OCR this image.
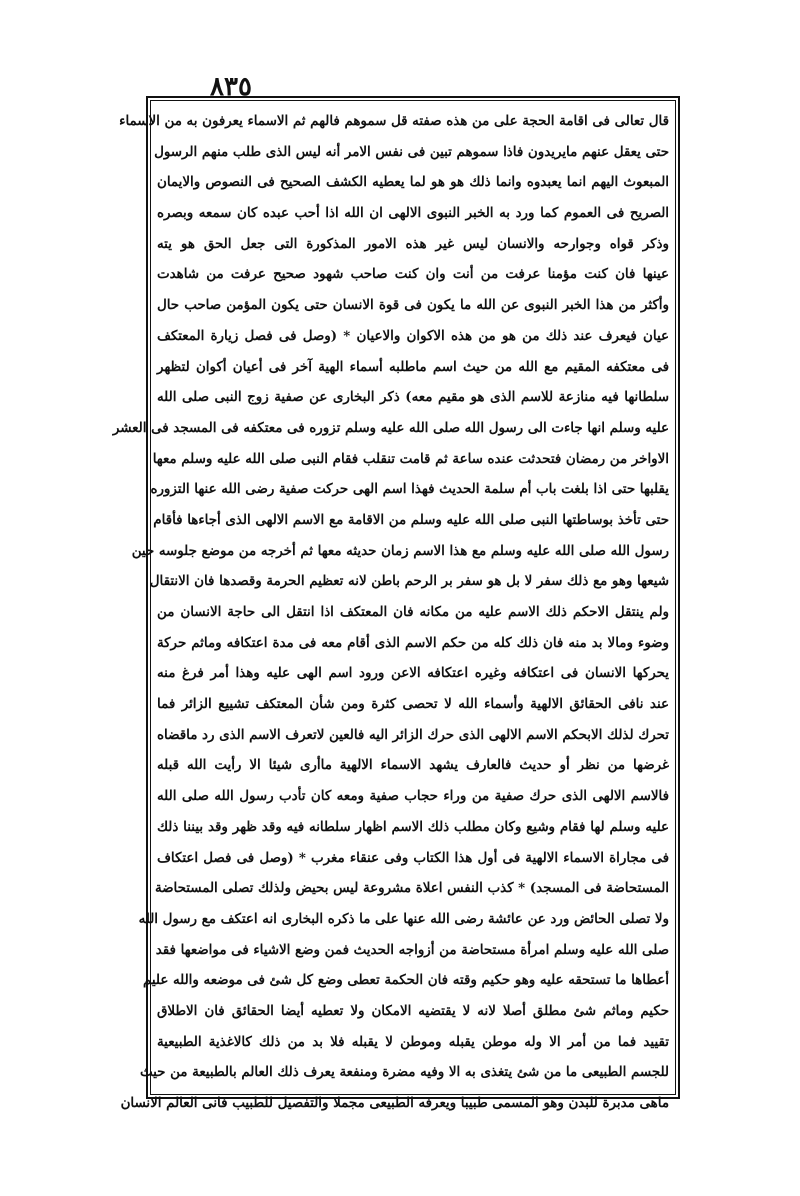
٨٣٥
قال تعالى فى اقامة الحجة على من هذه صفته قل سموهم فالهم ثم الاسماء يعرفون به من الاسماء
حتى يعقل عنهم مايريدون فاذا سموهم تبين فى نفس الامر أنه ليس الذى طلب منهم الرسول
المبعوث اليهم انما يعبدوه وانما ذلك هو هو لما يعطيه الكشف الصحيح فى النصوص والايمان
الصريح فى العموم كما ورد به الخبر النبوى الالهى ان الله اذا أحب عبده كان سمعه وبصره
وذكر قواه وجوارحه والانسان ليس غير هذه الامور المذكورة التى جعل الحق هو يته
عينها فان كنت مؤمنا عرفت من أنت وان كنت صاحب شهود صحيح عرفت من شاهدت
وأكثر من هذا الخبر النبوى عن الله ما يكون فى قوة الانسان حتى يكون المؤمن صاحب حال
عيان فيعرف عند ذلك من هو من هذه الاكوان والاعيان * (وصل فى فصل زيارة المعتكف
فى معتكفه المقيم مع الله من حيث اسم ماطلبه أسماء الهية آخر فى أعيان أكوان لتظهر
سلطانها فيه منازعة للاسم الذى هو مقيم معه) ذكر البخارى عن صفية زوج النبى صلى الله
عليه وسلم انها جاءت الى رسول الله صلى الله عليه وسلم تزوره فى معتكفه فى المسجد فى العشر
الاواخر من رمضان فتحدثت عنده ساعة ثم قامت تنقلب فقام النبى صلى الله عليه وسلم معها
يقلبها حتى اذا بلغت باب أم سلمة الحديث فهذا اسم الهى حركت صفية رضى الله عنها التزوره
حتى تأخذ بوساطتها النبى صلى الله عليه وسلم من الاقامة مع الاسم الالهى الذى أجاءها فأقام
رسول الله صلى الله عليه وسلم مع هذا الاسم زمان حديثه معها ثم أخرجه من موضع جلوسه حين
شيعها وهو مع ذلك سفر لا بل هو سفر بر الرحم باطن لانه تعظيم الحرمة وقصدها فان الانتقال
ولم ينتقل الاحكم ذلك الاسم عليه من مكانه فان المعتكف اذا انتقل الى حاجة الانسان من
وضوء ومالا بد منه فان ذلك كله من حكم الاسم الذى أقام معه فى مدة اعتكافه وماثم حركة
يحركها الانسان فى اعتكافه وغيره اعتكافه الاعن ورود اسم الهى عليه وهذا أمر فرغ منه
عند نافى الحقائق الالهية وأسماء الله لا تحصى كثرة ومن شأن المعتكف تشييع الزائر فما
تحرك لذلك الابحكم الاسم الالهى الذى حرك الزائر اليه فالعين لاتعرف الاسم الذى رد ماقضاه
غرضها من نظر أو حديث فالعارف يشهد الاسماء الالهية ماأرى شيئا الا رأيت الله قبله
فالاسم الالهى الذى حرك صفية من وراء حجاب صفية ومعه كان تأدب رسول الله صلى الله
عليه وسلم لها فقام وشيع وكان مطلب ذلك الاسم اظهار سلطانه فيه وقد ظهر وقد بيننا ذلك
فى مجاراة الاسماء الالهية فى أول هذا الكتاب وفى عنقاء مغرب * (وصل فى فصل اعتكاف
المستحاضة فى المسجد) * كذب النفس اعلاة مشروعة ليس بحيض ولذلك تصلى المستحاضة
ولا تصلى الحائض ورد عن عائشة رضى الله عنها على ما ذكره البخارى انه اعتكف مع رسول الله
صلى الله عليه وسلم امرأة مستحاضة من أزواجه الحديث فمن وضع الاشياء فى مواضعها فقد
أعطاها ما تستحقه عليه وهو حكيم وقته فان الحكمة تعطى وضع كل شئ فى موضعه والله عليم
حكيم وماثم شئ مطلق أصلا لانه لا يقتضيه الامكان ولا تعطيه أيضا الحقائق فان الاطلاق
تقييد فما من أمر الا وله موطن يقبله وموطن لا يقبله فلا بد من ذلك كالاغذية الطبيعية
للجسم الطبيعى ما من شئ يتغذى به الا وفيه مضرة ومنفعة يعرف ذلك العالم بالطبيعة من حيث
ماهى مدبرة للبدن وهو المسمى طبيبا ويعرفه الطبيعى مجملا والتفصيل للطبيب فانى العالم الانسان
